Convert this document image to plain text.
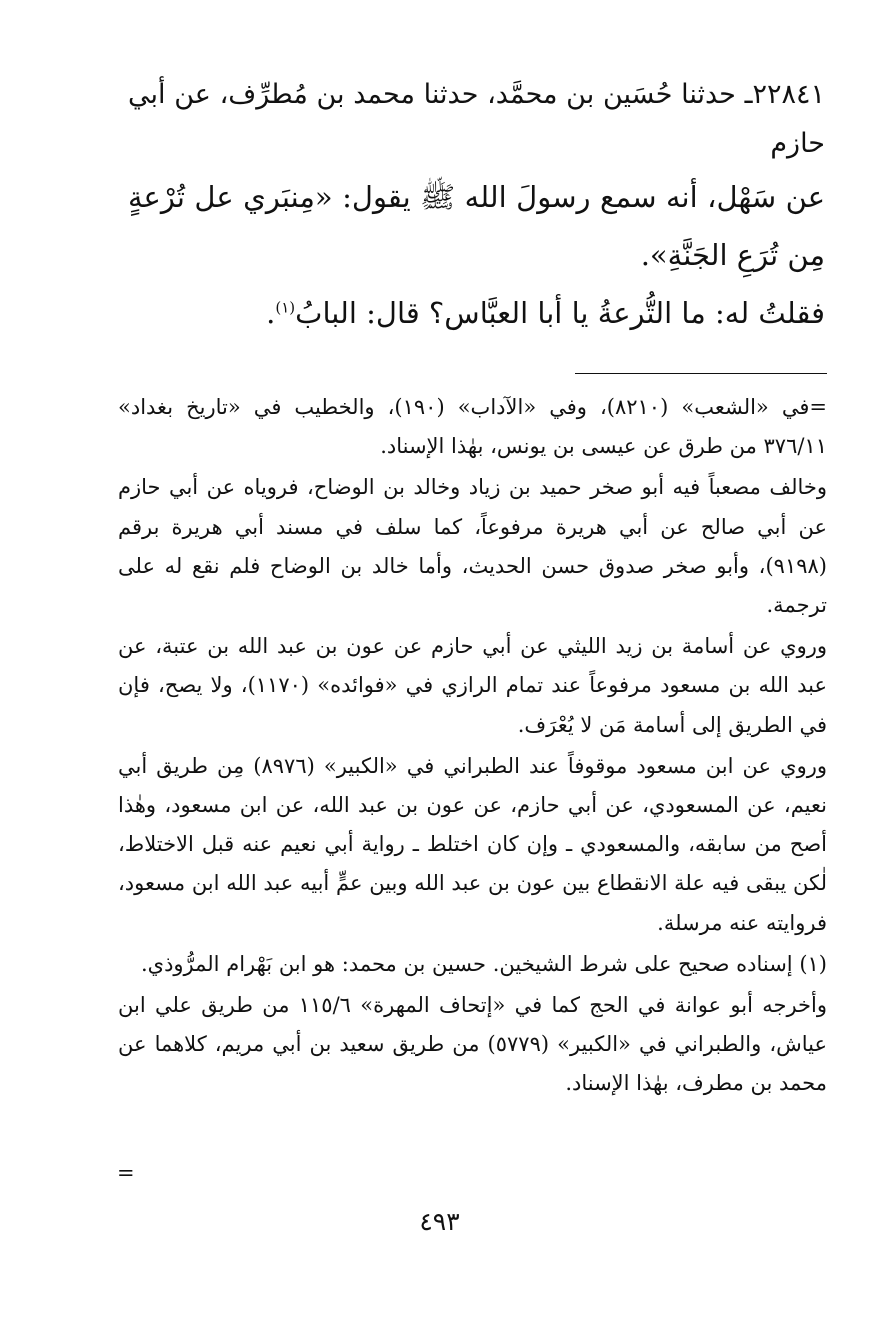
٢٢٨٤١ـ حدثنا حُسَين بن محمَّد، حدثنا محمد بن مُطرِّف، عن أبي حازم

عن سَهْل، أنه سمع رسولَ الله ﷺ يقول: «مِنبَري عل تُرْعةٍ مِن تُرَعِ الجَنَّةِ».

فقلتُ له: ما التُّرعةُ يا أبا العبَّاس؟ قال: البابُ$^{(١)}$.

=في «الشعب» (٨٢١٠)، وفي «الآداب» (١٩٠)، والخطيب في «تاريخ بغداد» ٣٧٦/١١ من طرق عن عيسى بن يونس، بهٰذا الإسناد.

وخالف مصعباً فيه أبو صخر حميد بن زياد وخالد بن الوضاح، فروياه عن أبي حازم عن أبي صالح عن أبي هريرة مرفوعاً، كما سلف في مسند أبي هريرة برقم (٩١٩٨)، وأبو صخر صدوق حسن الحديث، وأما خالد بن الوضاح فلم نقع له على ترجمة.

وروي عن أسامة بن زيد الليثي عن أبي حازم عن عون بن عبد الله بن عتبة، عن عبد الله بن مسعود مرفوعاً عند تمام الرازي في «فوائده» (١١٧٠)، ولا يصح، فإن في الطريق إلى أسامة مَن لا يُعْرَف.

وروي عن ابن مسعود موقوفاً عند الطبراني في «الكبير» (٨٩٧٦) مِن طريق أبي نعيم، عن المسعودي، عن أبي حازم، عن عون بن عبد الله، عن ابن مسعود، وهٰذا أصح من سابقه، والمسعودي ـ وإن كان اختلط ـ رواية أبي نعيم عنه قبل الاختلاط، لٰكن يبقى فيه علة الانقطاع بين عون بن عبد الله وبين عمٍّ أبيه عبد الله ابن مسعود، فروايته عنه مرسلة.

(١) إسناده صحيح على شرط الشيخين. حسين بن محمد: هو ابن بَهْرام المرُّوذي.

وأخرجه أبو عوانة في الحج كما في «إتحاف المهرة» ١١٥/٦ من طريق علي ابن عياش، والطبراني في «الكبير» (٥٧٧٩) من طريق سعيد بن أبي مريم، كلاهما عن محمد بن مطرف، بهٰذا الإسناد.

=
٤٩٣
